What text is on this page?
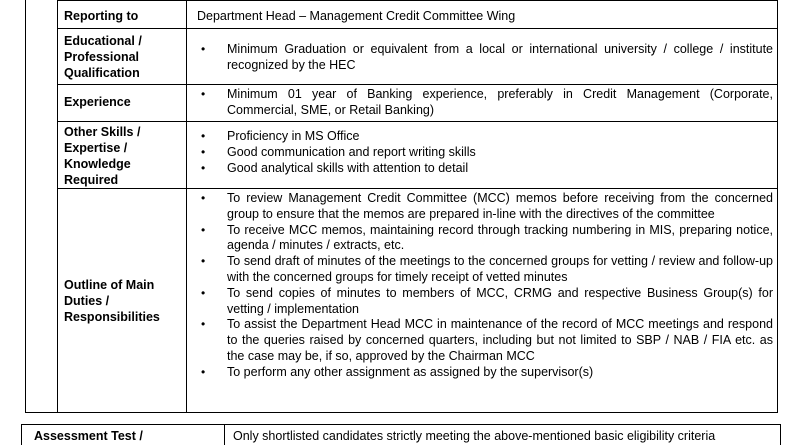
Reporting to	Department Head – Management Credit Committee Wing
Educational /
Professional
Qualification
• Minimum Graduation or equivalent from a local or international university / college / institute recognized by the HEC
Experience
• Minimum 01 year of Banking experience, preferably in Credit Management (Corporate, Commercial, SME, or Retail Banking)
Other Skills /
Expertise /
Knowledge
Required
• Proficiency in MS Office
• Good communication and report writing skills
• Good analytical skills with attention to detail
Outline of Main
Duties /
Responsibilities
• To review Management Credit Committee (MCC) memos before receiving from the concerned group to ensure that the memos are prepared in-line with the directives of the committee
• To receive MCC memos, maintaining record through tracking numbering in MIS, preparing notice, agenda / minutes / extracts, etc.
• To send draft of minutes of the meetings to the concerned groups for vetting / review and follow-up with the concerned groups for timely receipt of vetted minutes
• To send copies of minutes to members of MCC, CRMG and respective Business Group(s) for vetting / implementation
• To assist the Department Head MCC in maintenance of the record of MCC meetings and respond to the queries raised by concerned quarters, including but not limited to SBP / NAB / FIA etc. as the case may be, if so, approved by the Chairman MCC
• To perform any other assignment as assigned by the supervisor(s)
Assessment Test /	Only shortlisted candidates strictly meeting the above-mentioned basic eligibility criteria
